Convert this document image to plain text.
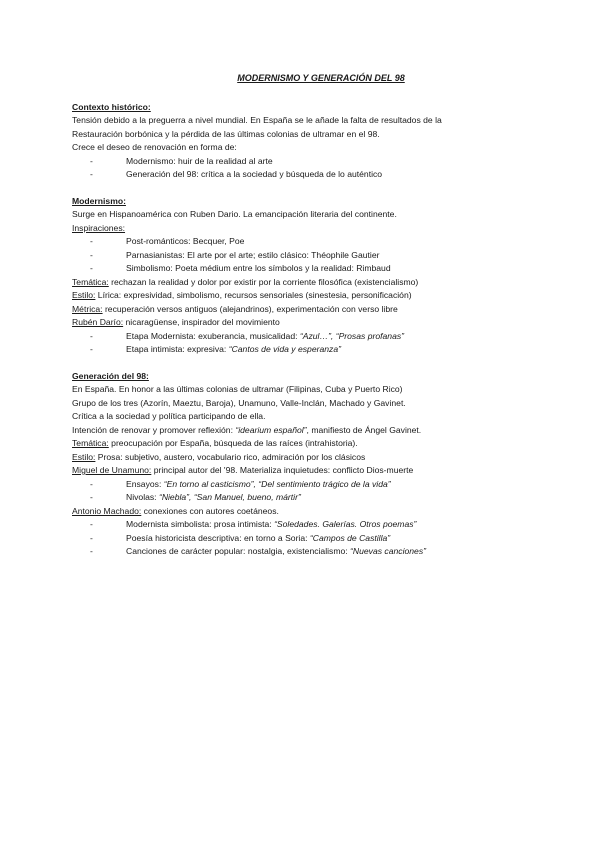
MODERNISMO Y GENERACIÓN DEL 98

Contexto histórico:

Tensión debido a la preguerra a nivel mundial. En España se le añade la falta de resultados de la

Restauración borbónica y la pérdida de las últimas colonias de ultramar en el 98.

Crece el deseo de renovación en forma de:

- Modernismo: huir de la realidad al arte
- Generación del 98: crítica a la sociedad y búsqueda de lo auténtico

Modernismo:

Surge en Hispanoamérica con Ruben Dario. La emancipación literaria del continente.

Inspiraciones:

- Post-románticos: Becquer, Poe
- Parnasianistas: El arte por el arte; estilo clásico: Théophile Gautier
- Simbolismo: Poeta médium entre los símbolos y la realidad: Rimbaud

Temática: rechazan la realidad y dolor por existir por la corriente filosófica (existencialismo)

Estilo: Lírica: expresividad, simbolismo, recursos sensoriales (sinestesia, personificación)

Métrica: recuperación versos antiguos (alejandrinos), experimentación con verso libre

Rubén Darío: nicaragüense, inspirador del movimiento

- Etapa Modernista: exuberancia, musicalidad: “Azul…”, “Prosas profanas”
- Etapa intimista: expresiva: “Cantos de vida y esperanza”

Generación del 98:

En España. En honor a las últimas colonias de ultramar (Filipinas, Cuba y Puerto Rico)

Grupo de los tres (Azorín, Maeztu, Baroja), Unamuno, Valle-Inclán, Machado y Gavinet.

Crítica a la sociedad y política participando de ella.

Intención de renovar y promover reflexión: “idearium español”, manifiesto de Ángel Gavinet.

Temática: preocupación por España, búsqueda de las raíces (intrahistoria).

Estilo: Prosa: subjetivo, austero, vocabulario rico, admiración por los clásicos

Miguel de Unamuno: principal autor del '98. Materializa inquietudes: conflicto Dios-muerte

- Ensayos: “En torno al casticismo”, “Del sentimiento trágico de la vida”
- Nivolas: “Niebla”, “San Manuel, bueno, mártir”

Antonio Machado: conexiones con autores coetáneos.

- Modernista simbolista: prosa intimista: “Soledades. Galerías. Otros poemas”
- Poesía historicista descriptiva: en torno a Soria: “Campos de Castilla”
- Canciones de carácter popular: nostalgia, existencialismo: “Nuevas canciones”
